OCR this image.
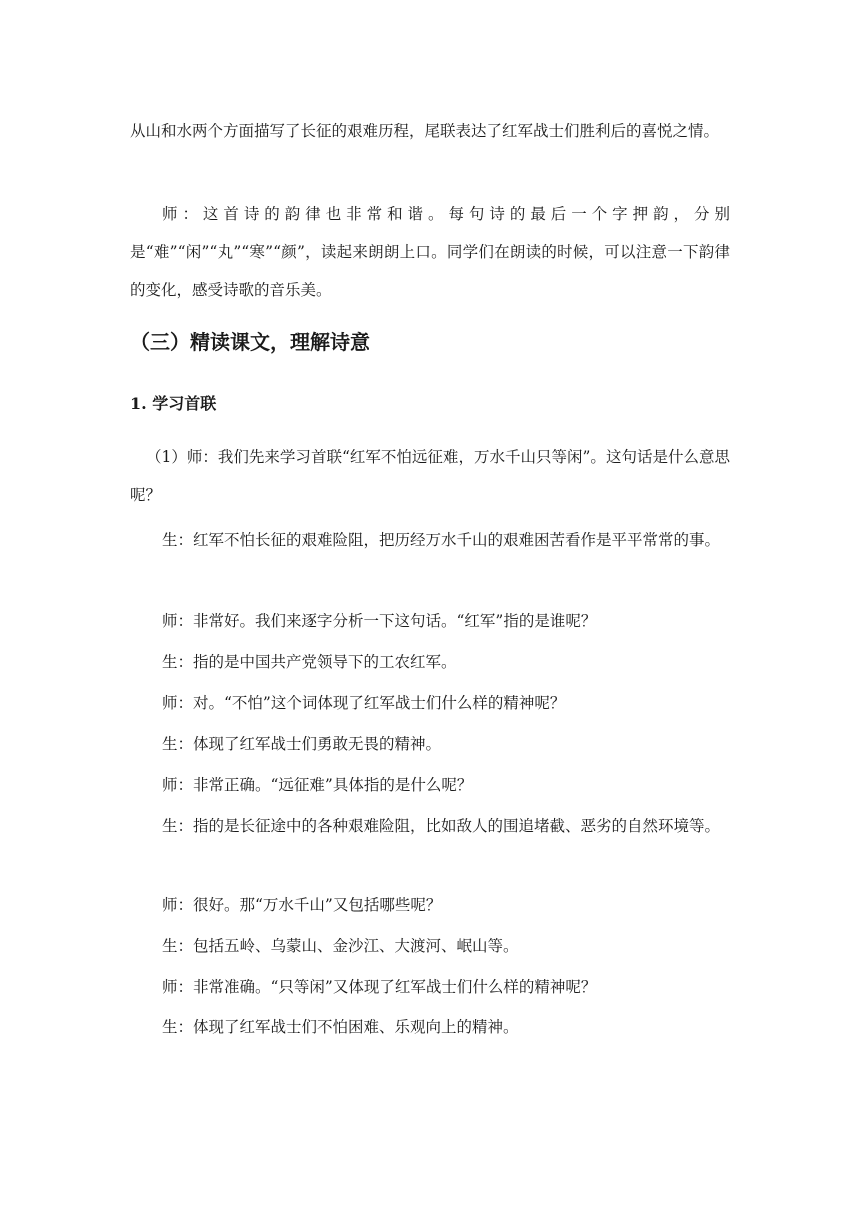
从山和水两个方面描写了长征的艰难历程，尾联表达了红军战士们胜利后的喜悦之情。

师：这首诗的韵律也非常和谐。每句诗的最后一个字押韵，分别是“难”“闲”“丸”“寒”“颜”，读起来朗朗上口。同学们在朗读的时候，可以注意一下韵律的变化，感受诗歌的音乐美。

（三）精读课文，理解诗意
1. 学习首联

（1）师：我们先来学习首联“红军不怕远征难，万水千山只等闲”。这句话是什么意思呢？

生：红军不怕长征的艰难险阻，把历经万水千山的艰难困苦看作是平平常常的事。

师：非常好。我们来逐字分析一下这句话。“红军”指的是谁呢？

生：指的是中国共产党领导下的工农红军。

师：对。“不怕”这个词体现了红军战士们什么样的精神呢？

生：体现了红军战士们勇敢无畏的精神。

师：非常正确。“远征难”具体指的是什么呢？

生：指的是长征途中的各种艰难险阻，比如敌人的围追堵截、恶劣的自然环境等。

师：很好。那“万水千山”又包括哪些呢？

生：包括五岭、乌蒙山、金沙江、大渡河、岷山等。

师：非常准确。“只等闲”又体现了红军战士们什么样的精神呢？

生：体现了红军战士们不怕困难、乐观向上的精神。
